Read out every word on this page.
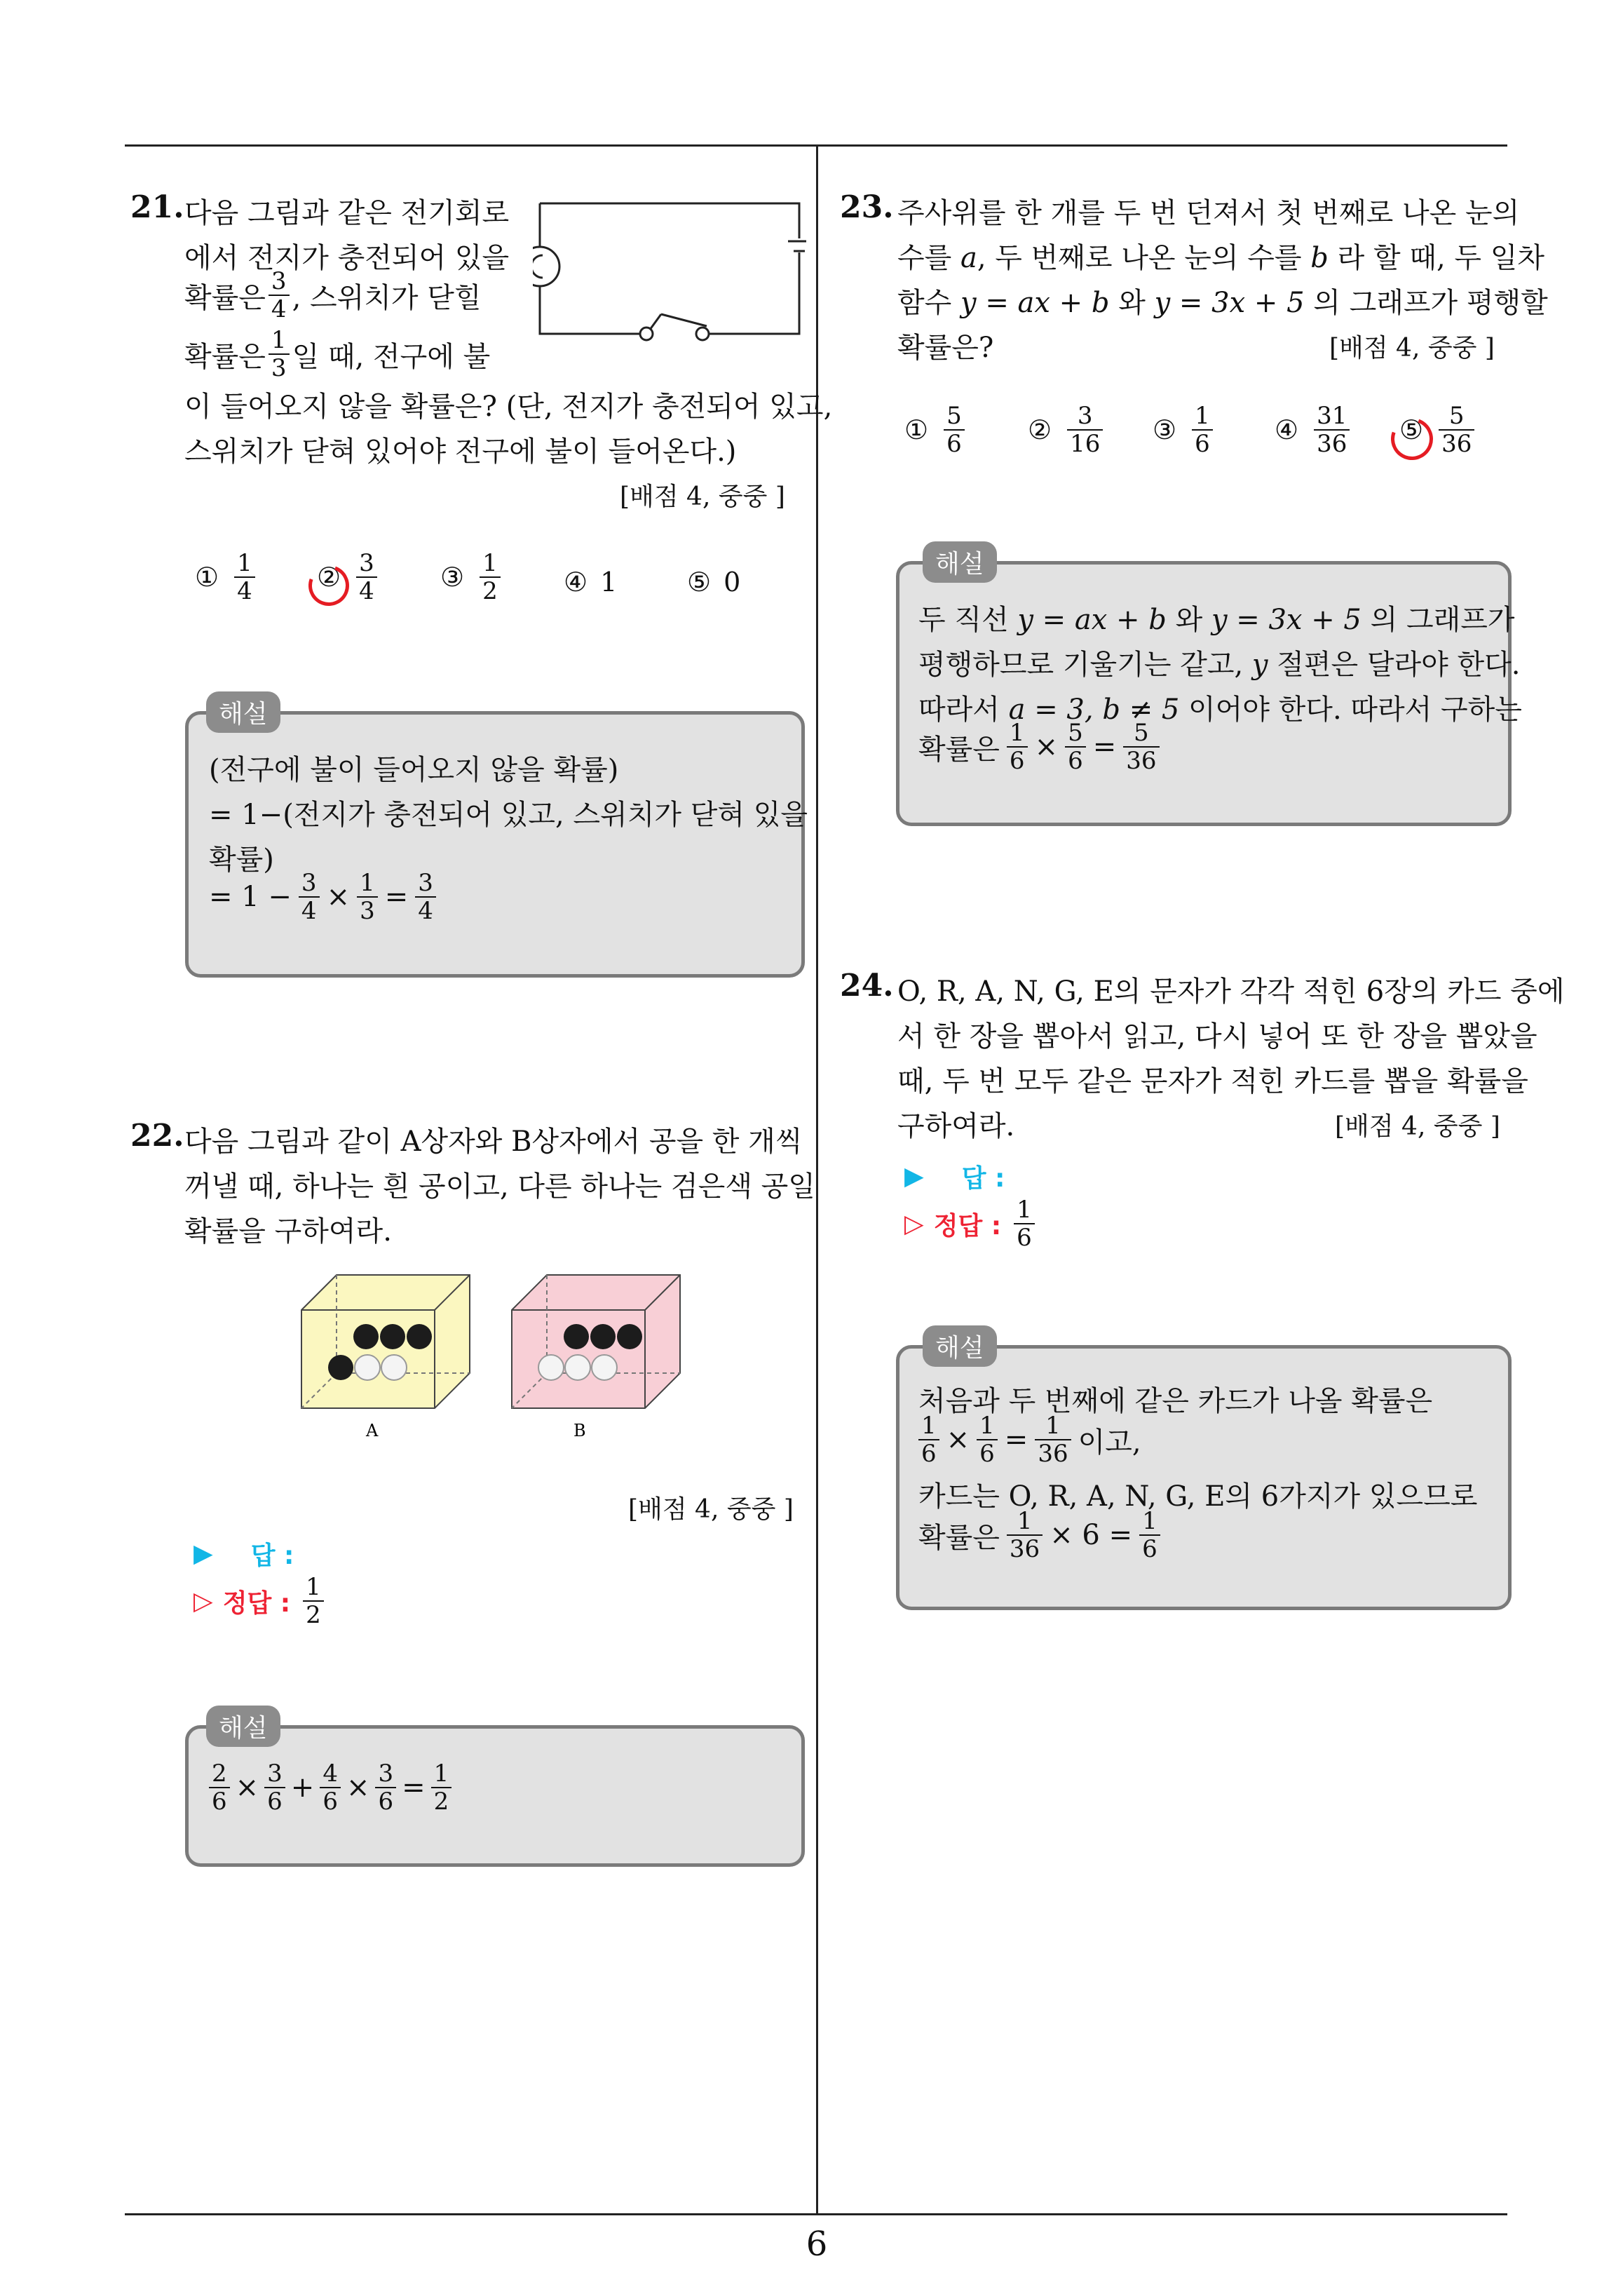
6
21. 다음 그림과 같은 전기회로
에서 전지가 충전되어 있을
확률은 $\frac{3}{4}$ , 스위치가 닫힐
확률은 $\frac{1}{3}$ 일 때, 전구에 불
이 들어오지 않을 확률은? (단, 전지가 충전되어 있고,
스위치가 닫혀 있어야 전구에 불이 들어온다.)
[배점 4, 중중 ]
① $\frac{1}{4}$ ② $\frac{3}{4}$ ③ $\frac{1}{2}$ ④ 1	⑤ 0
해설
(전구에 불이 들어오지 않을 확률)
= 1−(전지가 충전되어 있고, 스위치가 닫혀 있을
확률)
= $1 - \frac{3}{4} \times \frac{1}{3} = \frac{3}{4}$
22. 다음 그림과 같이 A상자와 B상자에서 공을 한 개씩
꺼낼 때, 하나는 흰 공이고, 다른 하나는 검은색 공일
확률을 구하여라.
A	B
[배점 4, 중중 ]
▶ 답 :
▷ 정답 : $\frac{1}{2}$
해설
$\frac{2}{6} \times \frac{3}{6} + \frac{4}{6} \times \frac{3}{6} = \frac{1}{2}$
23. 주사위를 한 개를 두 번 던져서 첫 번째로 나온 눈의
수를 a, 두 번째로 나온 눈의 수를 b 라 할 때, 두 일차
함수 y = ax + b 와 y = 3x + 5 의 그래프가 평행할
확률은?	[배점 4, 중중 ]
① $\frac{5}{6}$ ② $\frac{3}{16}$ ③ $\frac{1}{6}$ ④ $\frac{31}{36}$ ⑤ $\frac{5}{36}$
해설
두 직선 y = ax + b 와 y = 3x + 5 의 그래프가
평행하므로 기울기는 같고, y 절편은 달라야 한다.
따라서 a = 3, b ≠ 5 이어야 한다. 따라서 구하는
확률은 $\frac{1}{6} \times \frac{5}{6} = \frac{5}{36}$
24. O, R, A, N, G, E의 문자가 각각 적힌 6장의 카드 중에
서 한 장을 뽑아서 읽고, 다시 넣어 또 한 장을 뽑았을
때, 두 번 모두 같은 문자가 적힌 카드를 뽑을 확률을
구하여라.	[배점 4, 중중 ]
▶ 답 :
▷ 정답 : $\frac{1}{6}$
해설
처음과 두 번째에 같은 카드가 나올 확률은
$\frac{1}{6} \times \frac{1}{6} = \frac{1}{36}$ 이고,
카드는 O, R, A, N, G, E의 6가지가 있으므로
확률은 $\frac{1}{36} \times 6 = \frac{1}{6}$
